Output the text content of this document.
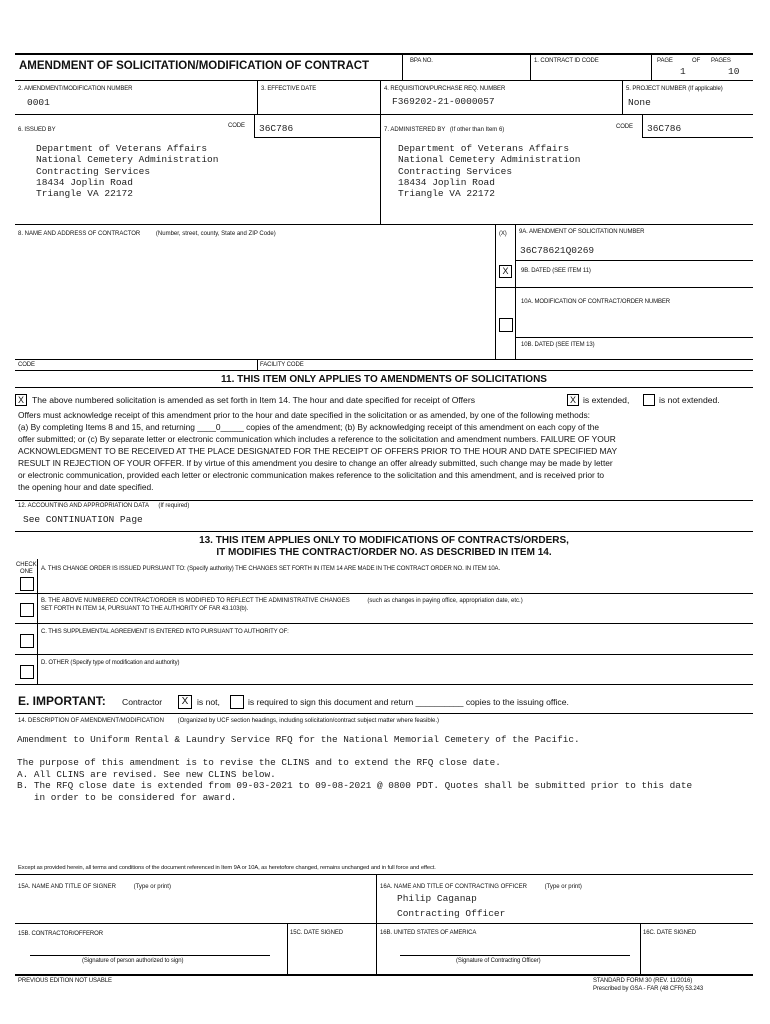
AMENDMENT OF SOLICITATION/MODIFICATION OF CONTRACT	BPA NO.	1. CONTRACT ID CODE	PAGE	OF PAGES
1	10
2. AMENDMENT/MODIFICATION NUMBER
0001
3. EFFECTIVE DATE	4. REQUISITION/PURCHASE REQ. NUMBER
F369202-21-0000057
5. PROJECT NUMBER (If applicable)
None
6. ISSUED BY
CODE 36C786
Department of Veterans Affairs
National Cemetery Administration
Contracting Services
18434 Joplin Road
Triangle VA 22172
7. ADMINISTERED BY (If other than Item 6)	CODE 36C786
Department of Veterans Affairs
National Cemetery Administration
Contracting Services
18434 Joplin Road
Triangle VA 22172
8. NAME AND ADDRESS OF CONTRACTOR	(Number, street, county, State and ZIP Code)	(X) 9A. AMENDMENT OF SOLICITATION NUMBER
36C78621Q0269
X	9B. DATED (SEE ITEM 11)
10A. MODIFICATION OF CONTRACT/ORDER NUMBER
10B. DATED (SEE ITEM 13)
CODE	FACILITY CODE
11. THIS ITEM ONLY APPLIES TO AMENDMENTS OF SOLICITATIONS
X The above numbered solicitation is amended as set forth in Item 14. The hour and date specified for receipt of Offers	X is extended,	is not extended.
Offers must acknowledge receipt of this amendment prior to the hour and date specified in the solicitation or as amended, by one of the following methods:
(a) By completing Items 8 and 15, and returning ____0_____ copies of the amendment; (b) By acknowledging receipt of this amendment on each copy of the
offer submitted; or (c) By separate letter or electronic communication which includes a reference to the solicitation and amendment numbers. FAILURE OF YOUR
ACKNOWLEDGMENT TO BE RECEIVED AT THE PLACE DESIGNATED FOR THE RECEIPT OF OFFERS PRIOR TO THE HOUR AND DATE SPECIFIED MAY
RESULT IN REJECTION OF YOUR OFFER. If by virtue of this amendment you desire to change an offer already submitted, such change may be made by letter
or electronic communication, provided each letter or electronic communication makes reference to the solicitation and this amendment, and is received prior to
the opening hour and date specified.
12. ACCOUNTING AND APPROPRIATION DATA (If required)
See CONTINUATION Page
13. THIS ITEM APPLIES ONLY TO MODIFICATIONS OF CONTRACTS/ORDERS,
IT MODIFIES THE CONTRACT/ORDER NO. AS DESCRIBED IN ITEM 14.
CHECK
ONE A. THIS CHANGE ORDER IS ISSUED PURSUANT TO: (Specify authority) THE CHANGES SET FORTH IN ITEM 14 ARE MADE IN THE CONTRACT ORDER NO. IN ITEM 10A.
B. THE ABOVE NUMBERED CONTRACT/ORDER IS MODIFIED TO REFLECT THE ADMINISTRATIVE CHANGES	(such as changes in paying office, appropriation date, etc.)
SET FORTH IN ITEM 14, PURSUANT TO THE AUTHORITY OF FAR 43.103(b).
C. THIS SUPPLEMENTAL AGREEMENT IS ENTERED INTO PURSUANT TO AUTHORITY OF:
D. OTHER (Specify type of modification and authority)
E. IMPORTANT: Contractor	X	is not,	is required to sign this document and return __________ copies to the issuing office.
14. DESCRIPTION OF AMENDMENT/MODIFICATION (Organized by UCF section headings, including solicitation/contract subject matter where feasible.)
Amendment to Uniform Rental & Laundry Service RFQ for the National Memorial Cemetery of the Pacific.
The purpose of this amendment is to revise the CLINS and to extend the RFQ close date.
A. All CLINS are revised. See new CLINS below.
B. The RFQ close date is extended from 09-03-2021 to 09-08-2021 @ 0800 PDT. Quotes shall be submitted prior to this date
in order to be considered for award.
Except as provided herein, all terms and conditions of the document referenced in Item 9A or 10A, as heretofore changed, remains unchanged and in full force and effect.
15A. NAME AND TITLE OF SIGNER	(Type or print)	16A. NAME AND TITLE OF CONTRACTING OFFICER	(Type or print)
Philip Caganap
Contracting Officer
15B. CONTRACTOR/OFFEROR	15C. DATE SIGNED	16B. UNITED STATES OF AMERICA	16C. DATE SIGNED
(Signature of person authorized to sign)	(Signature of Contracting Officer)
PREVIOUS EDITION NOT USABLE	STANDARD FORM 30 (REV. 11/2016)
Prescribed by GSA - FAR (48 CFR) 53.243
